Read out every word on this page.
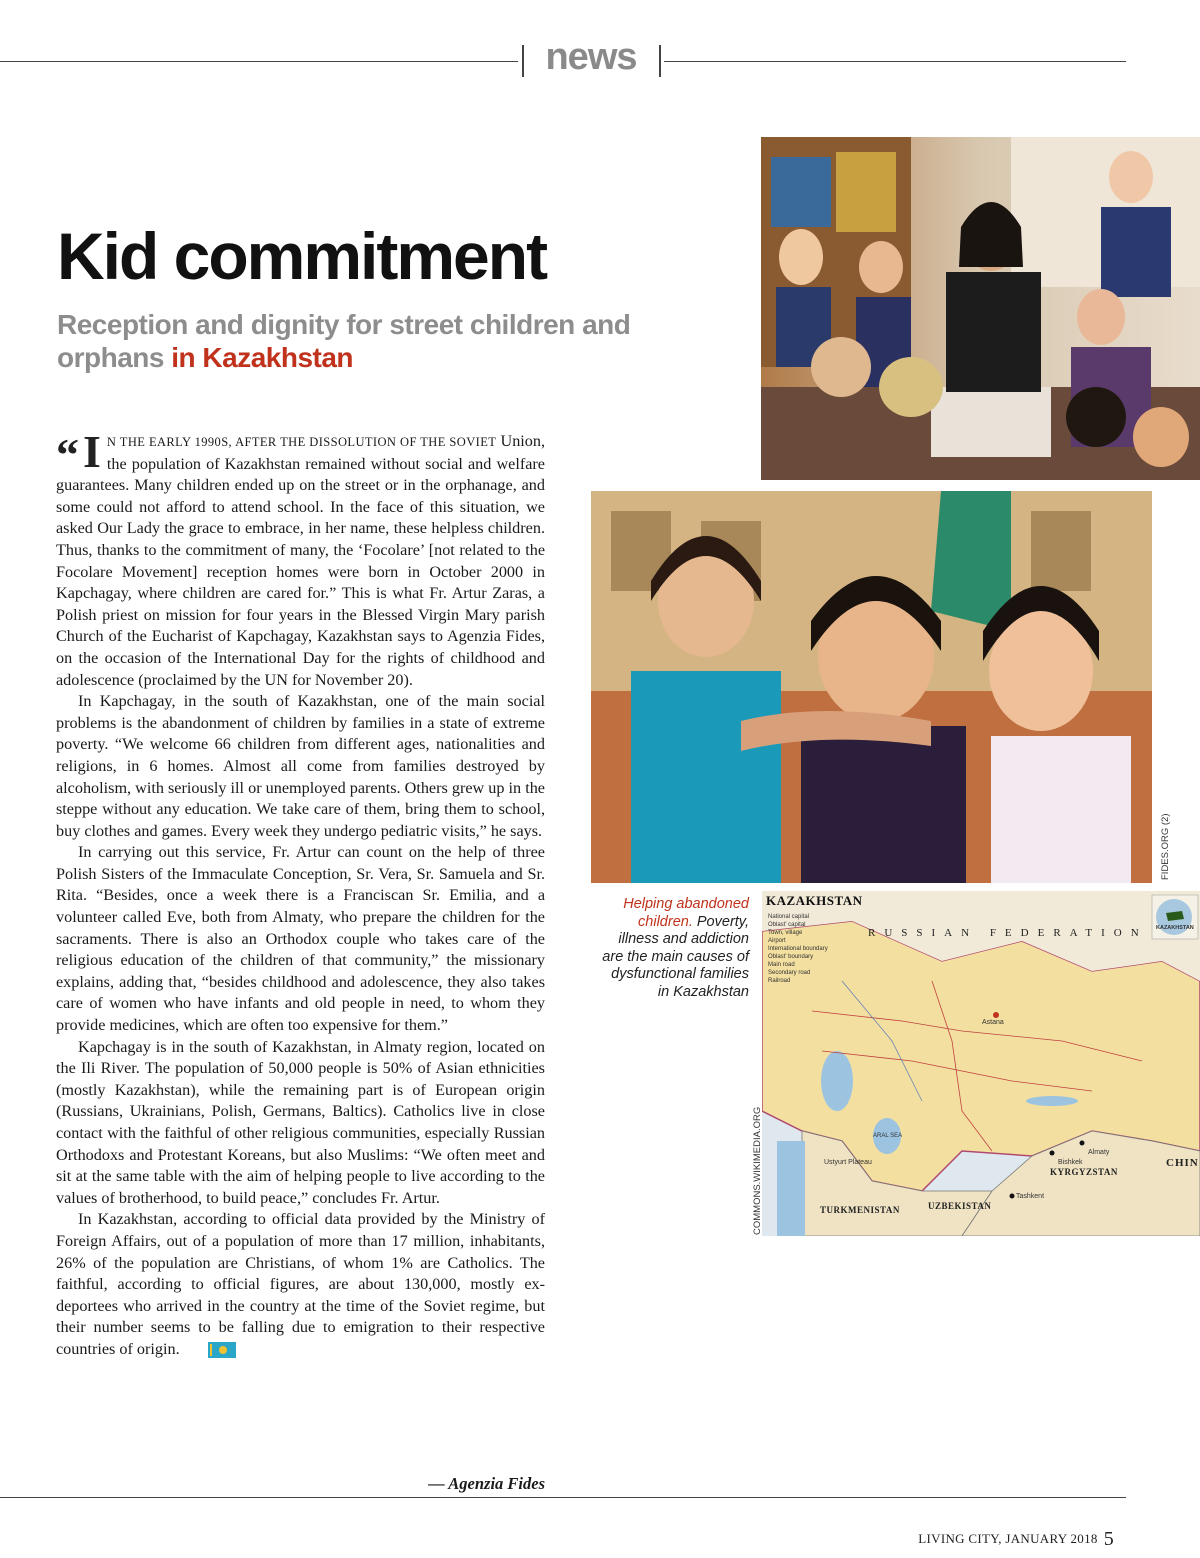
news
Kid commitment
Reception and dignity for street children and orphans in Kazakhstan
FIDES.ORG (2)
Helping abandoned children. Poverty, illness and addiction are the main causes of dysfunctional families in Kazakhstan
KAZAKHSTAN
National capital
Oblast' capital
Town, village
Airport
International boundary
Oblast' boundary
Main road
Secondary road
Railroad
KAZAKHSTAN
RUSSIAN FEDERATION
Astana
ARAL SEA
Ustyurt Plateau
Almaty
Bishkek
Tashkent
KYRGYZSTAN
UZBEKISTAN
TURKMENISTAN
CHIN
COMMONS.WIKIMEDIA.ORG

“ I N THE EARLY 1990S, AFTER THE DISSOLUTION OF THE SOVIET Union, the population of Kazakhstan remained without social and welfare guarantees. Many children ended up on the street or in the orphanage, and some could not afford to attend school. In the face of this situation, we asked Our Lady the grace to embrace, in her name, these helpless children. Thus, thanks to the commitment of many, the ‘Focolare’ [not related to the Focolare Movement] reception homes were born in October 2000 in Kapchagay, where children are cared for.” This is what Fr. Artur Zaras, a Polish priest on mission for four years in the Blessed Virgin Mary parish Church of the Eucharist of Kapchagay, Kazakhstan says to Agenzia Fides, on the occasion of the International Day for the rights of childhood and adolescence (proclaimed by the UN for November 20).

In Kapchagay, in the south of Kazakhstan, one of the main social problems is the abandonment of children by families in a state of extreme poverty. “We welcome 66 children from different ages, nationalities and religions, in 6 homes. Almost all come from families destroyed by alcoholism, with seriously ill or unemployed parents. Others grew up in the steppe without any education. We take care of them, bring them to school, buy clothes and games. Every week they undergo pediatric visits,” he says.

In carrying out this service, Fr. Artur can count on the help of three Polish Sisters of the Immaculate Conception, Sr. Vera, Sr. Samuela and Sr. Rita. “Besides, once a week there is a Franciscan Sr. Emilia, and a volunteer called Eve, both from Almaty, who prepare the children for the sacraments. There is also an Orthodox couple who takes care of the religious education of the children of that community,” the missionary explains, adding that, “besides childhood and adolescence, they also takes care of women who have infants and old people in need, to whom they provide medicines, which are often too expensive for them.”

Kapchagay is in the south of Kazakhstan, in Almaty region, located on the Ili River. The population of 50,000 people is 50% of Asian ethnicities (mostly Kazakhstan), while the remaining part is of European origin (Russians, Ukrainians, Polish, Germans, Baltics). Catholics live in close contact with the faithful of other religious communities, especially Russian Orthodoxs and Protestant Koreans, but also Muslims: “We often meet and sit at the same table with the aim of helping people to live according to the values of brotherhood, to build peace,” concludes Fr. Artur.

In Kazakhstan, according to official data provided by the Ministry of Foreign Affairs, out of a population of more than 17 million, inhabitants, 26% of the population are Christians, of whom 1% are Catholics. The faithful, according to official figures, are about 130,000, mostly ex-deportees who arrived in the country at the time of the Soviet regime, but their number seems to be falling due to emigration to their respective countries of origin.

— Agenzia Fides
LIVING CITY, JANUARY 2018 5
